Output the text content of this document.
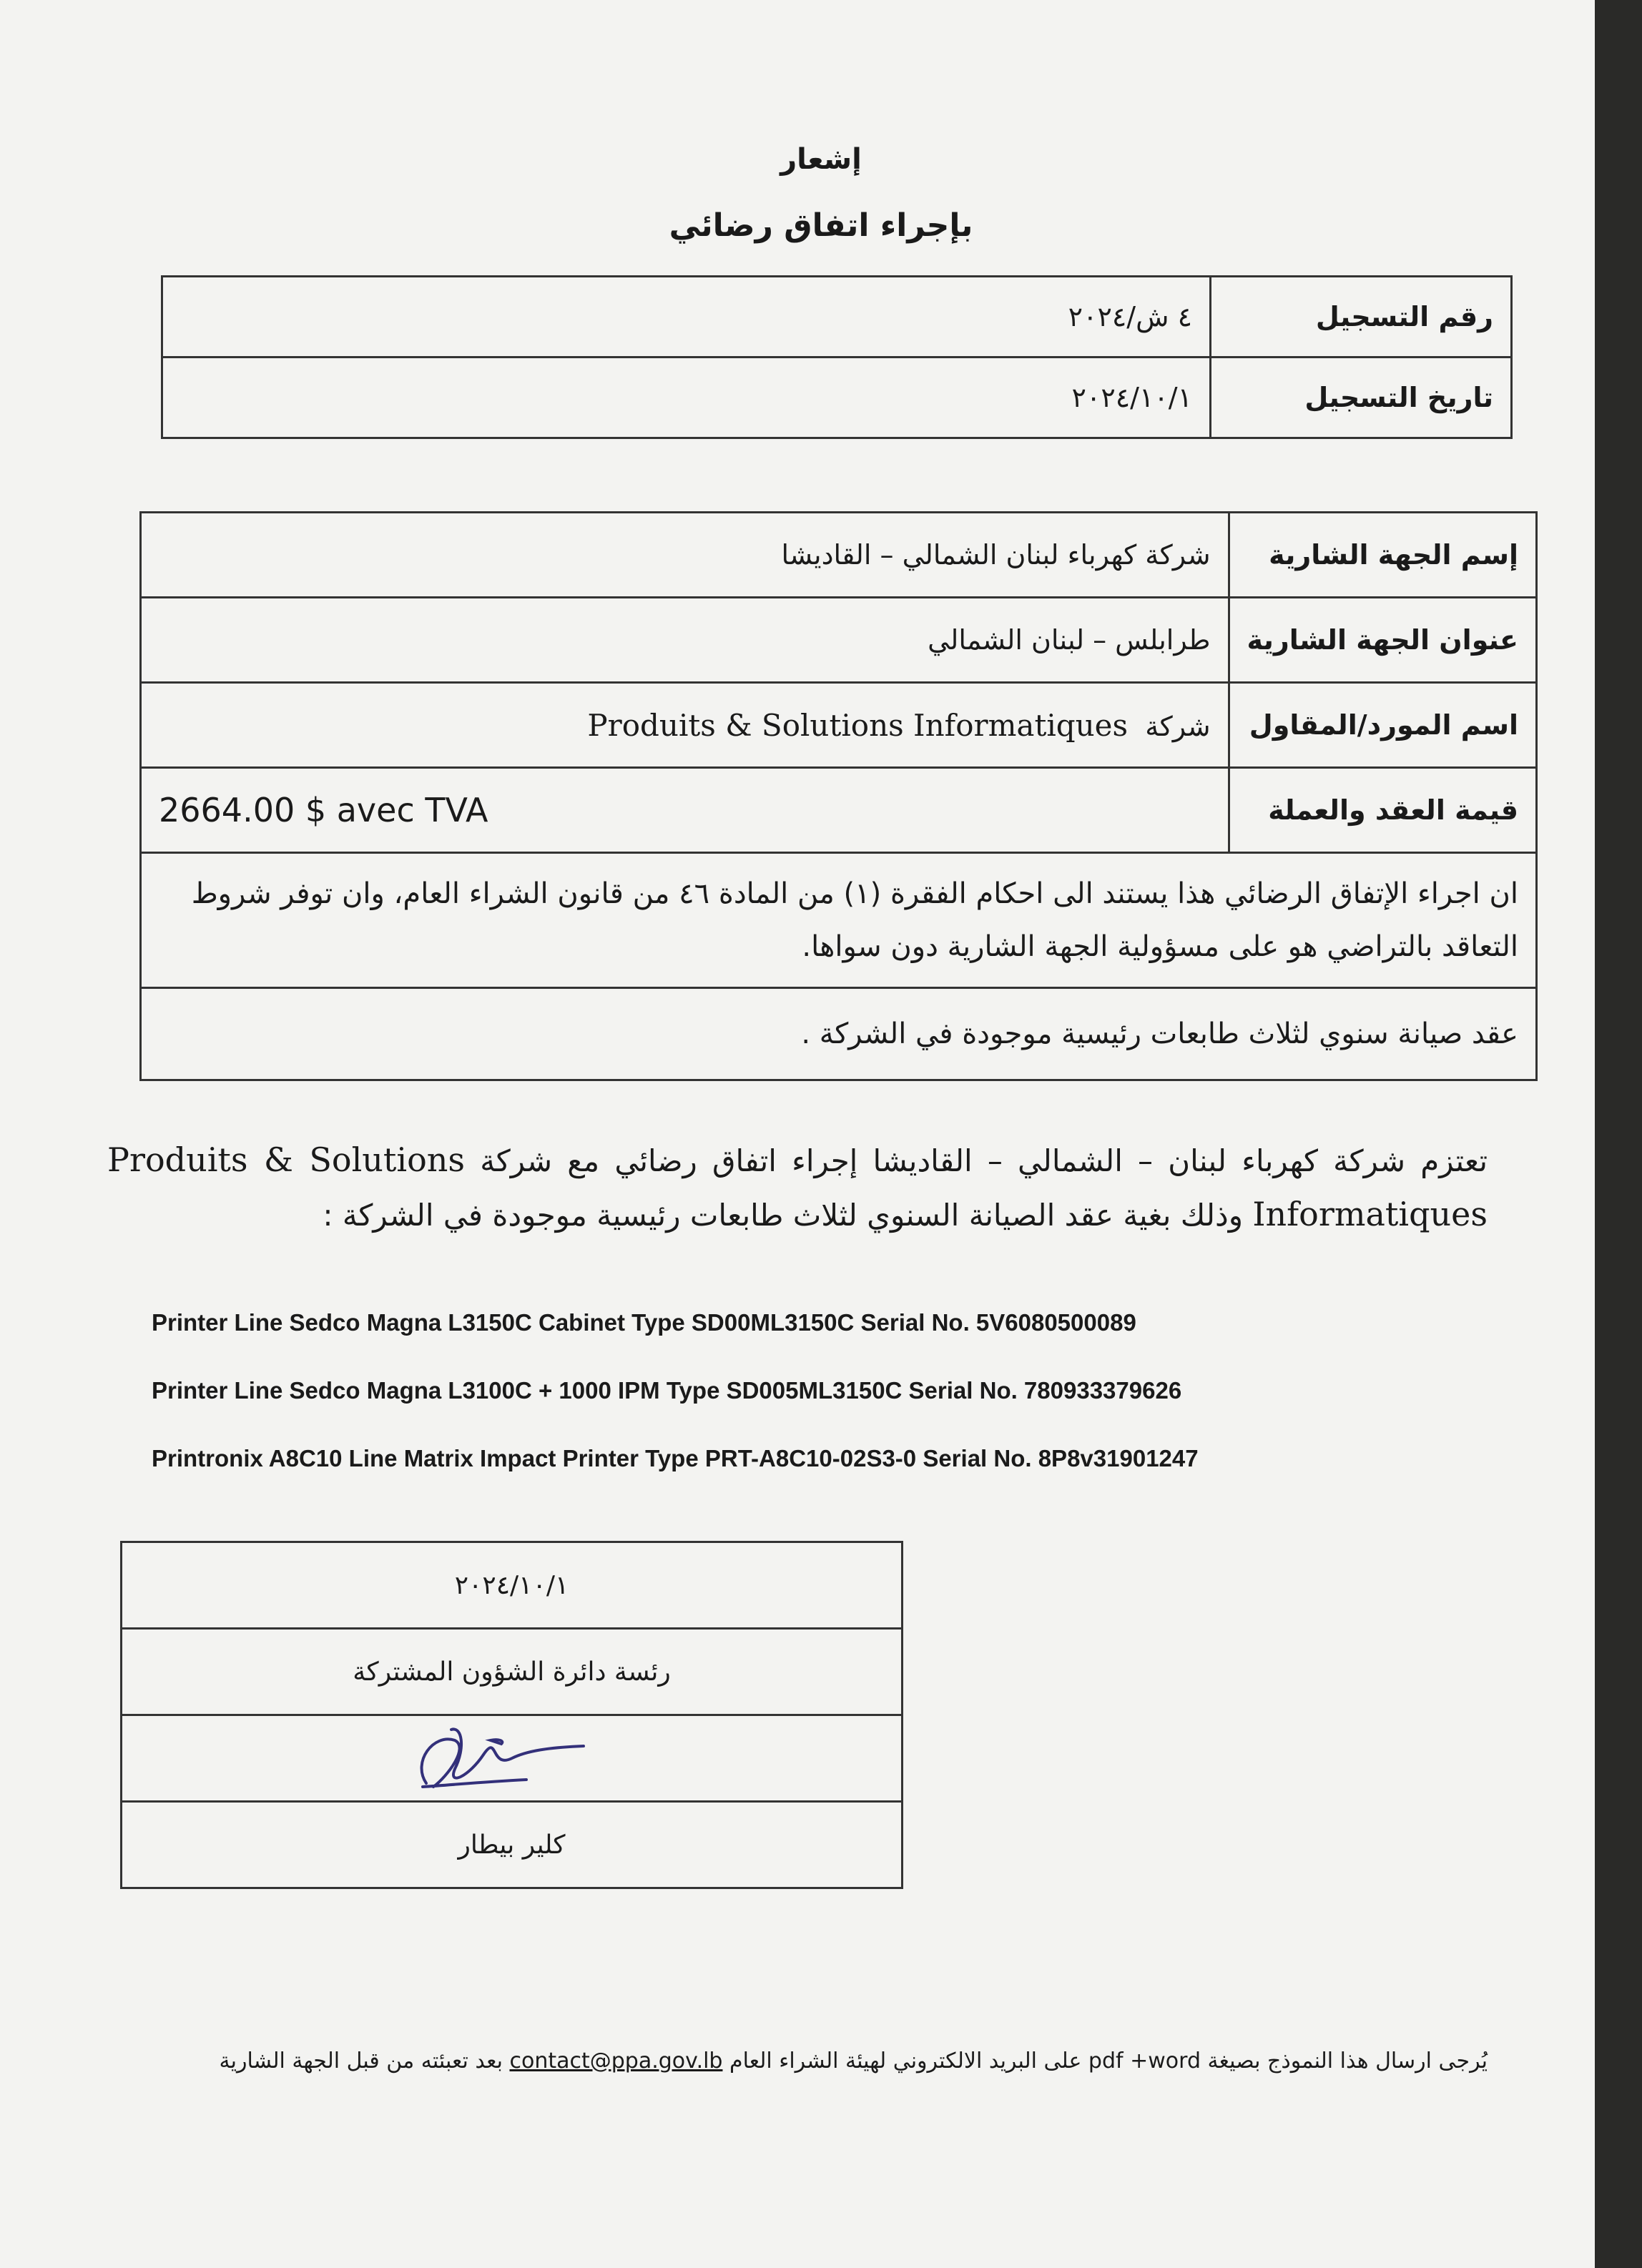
إشعار
بإجراء اتفاق رضائي
رقم التسجيل	٤ ش/٢٠٢٤
تاريخ التسجيل	٢٠٢٤/١٠/١
إسم الجهة الشارية	شركة كهرباء لبنان الشمالي – القاديشا
عنوان الجهة الشارية	طرابلس – لبنان الشمالي
اسم المورد/المقاول	شركة  Produits & Solutions Informatiques
قيمة العقد والعملة	2664.00 $ avec TVA
ان اجراء الإتفاق الرضائي هذا يستند الى احكام الفقرة (١) من المادة ٤٦ من قانون الشراء العام، وان توفر شروط التعاقد بالتراضي هو على مسؤولية الجهة الشارية دون سواها.	
عقد صيانة سنوي لثلاث طابعات رئيسية موجودة في الشركة .	
تعتزم شركة كهرباء لبنان – الشمالي – القاديشا إجراء اتفاق رضائي مع شركة Produits & Solutions Informatiques وذلك بغية عقد الصيانة السنوي لثلاث طابعات رئيسية موجودة في الشركة :
Printer Line Sedco Magna L3150C Cabinet Type SD00ML3150C Serial No. 5V6080500089
Printer Line Sedco Magna L3100C + 1000 IPM Type SD005ML3150C Serial No. 780933379626
Printronix A8C10 Line Matrix Impact Printer Type PRT-A8C10-02S3-0 Serial No. 8P8v31901247
٢٠٢٤/١٠/١
رئسة دائرة الشؤون المشتركة

كلير بيطار
يُرجى ارسال هذا النموذج بصيغة pdf +word على البريد الالكتروني لهيئة الشراء العام contact@ppa.gov.lb بعد تعبئته من قبل الجهة الشارية
